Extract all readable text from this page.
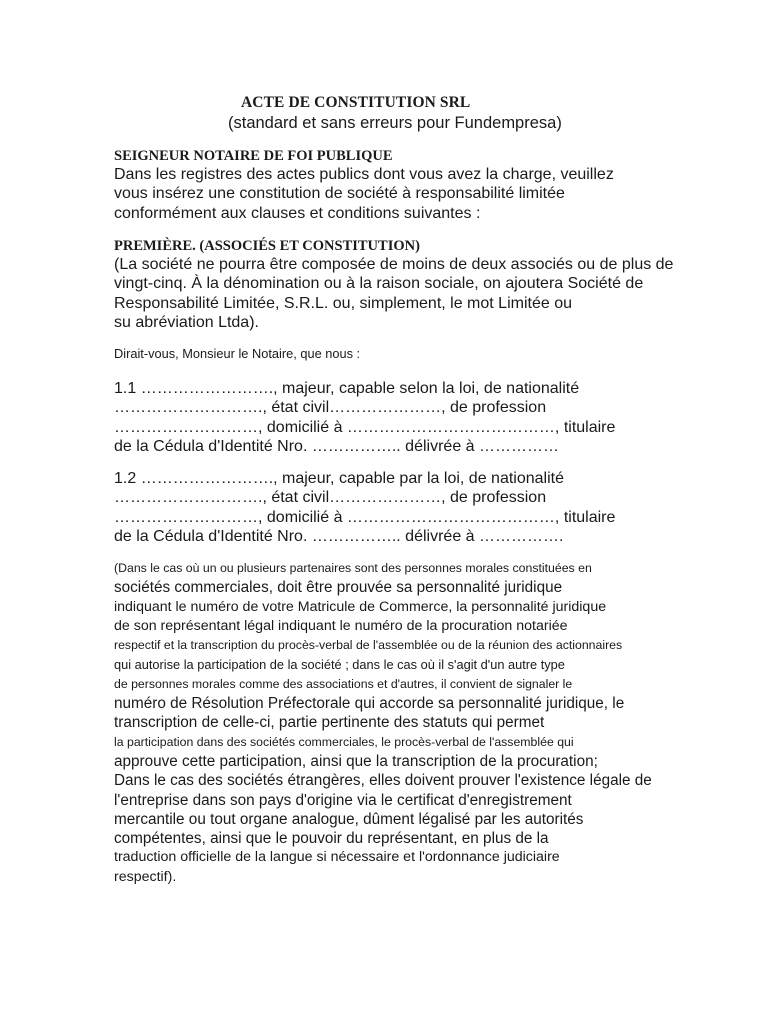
ACTE DE CONSTITUTION SRL
(standard et sans erreurs pour Fundempresa)
SEIGNEUR NOTAIRE DE FOI PUBLIQUE
Dans les registres des actes publics dont vous avez la charge, veuillez
vous insérez une constitution de société à responsabilité limitée
conformément aux clauses et conditions suivantes :
PREMIÈRE. (ASSOCIÉS ET CONSTITUTION)
(La société ne pourra être composée de moins de deux associés ou de plus de
vingt-cinq. À la dénomination ou à la raison sociale, on ajoutera Société de
Responsabilité Limitée, S.R.L. ou, simplement, le mot Limitée ou
su abréviation Ltda).
Dirait-vous, Monsieur le Notaire, que nous :
1.1 ……………………., majeur, capable selon la loi, de nationalité
………………………., état civil…………………, de profession
………………………, domicilié à …………………………………, titulaire
de la Cédula d'Identité Nro. …………….. délivrée à ……………
1.2 ……………………., majeur, capable par la loi, de nationalité
………………………., état civil…………………, de profession
………………………, domicilié à …………………………………, titulaire
de la Cédula d'Identité Nro. …………….. délivrée à …………….
(Dans le cas où un ou plusieurs partenaires sont des personnes morales constituées en
sociétés commerciales, doit être prouvée sa personnalité juridique
indiquant le numéro de votre Matricule de Commerce, la personnalité juridique
de son représentant légal indiquant le numéro de la procuration notariée
respectif et la transcription du procès-verbal de l'assemblée ou de la réunion des actionnaires
qui autorise la participation de la société ; dans le cas où il s'agit d'un autre type
de personnes morales comme des associations et d'autres, il convient de signaler le
numéro de Résolution Préfectorale qui accorde sa personnalité juridique, le
transcription de celle-ci, partie pertinente des statuts qui permet
la participation dans des sociétés commerciales, le procès-verbal de l'assemblée qui
approuve cette participation, ainsi que la transcription de la procuration;
Dans le cas des sociétés étrangères, elles doivent prouver l'existence légale de
l'entreprise dans son pays d'origine via le certificat d'enregistrement
mercantile ou tout organe analogue, dûment légalisé par les autorités
compétentes, ainsi que le pouvoir du représentant, en plus de la
traduction officielle de la langue si nécessaire et l'ordonnance judiciaire
respectif).
